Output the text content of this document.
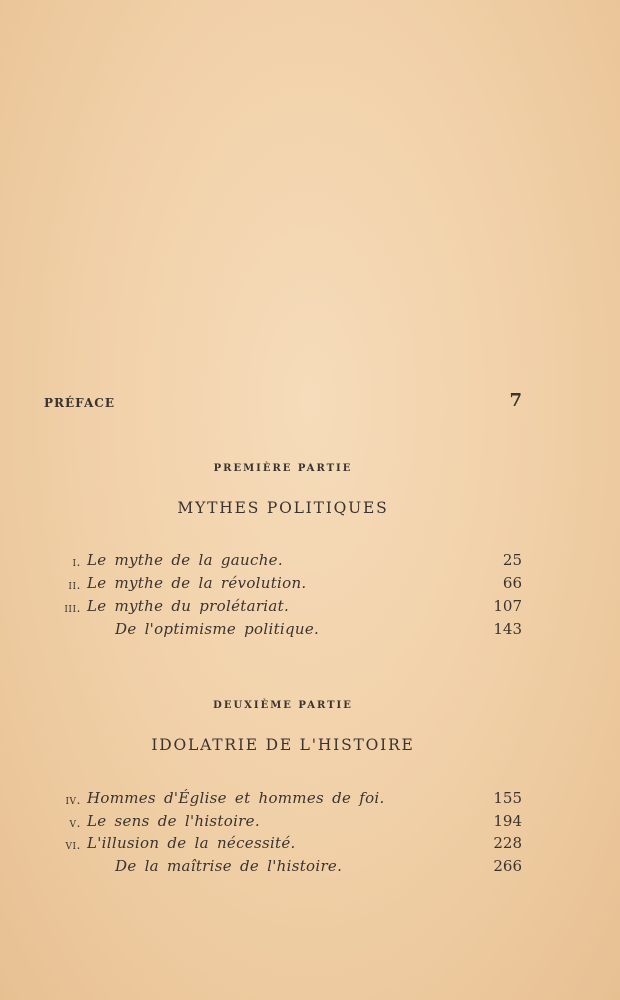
PRÉFACE	7
PREMIÈRE PARTIE
MYTHES POLITIQUES
i. Le mythe de la gauche.	25
ii. Le mythe de la révolution.	66
iii. Le mythe du prolétariat.	107
De l'optimisme politique.	143
DEUXIÈME PARTIE
IDOLATRIE DE L'HISTOIRE
iv. Hommes d'Église et hommes de foi.	155
v. Le sens de l'histoire.	194
vi. L'illusion de la nécessité.	228
De la maîtrise de l'histoire.	266
